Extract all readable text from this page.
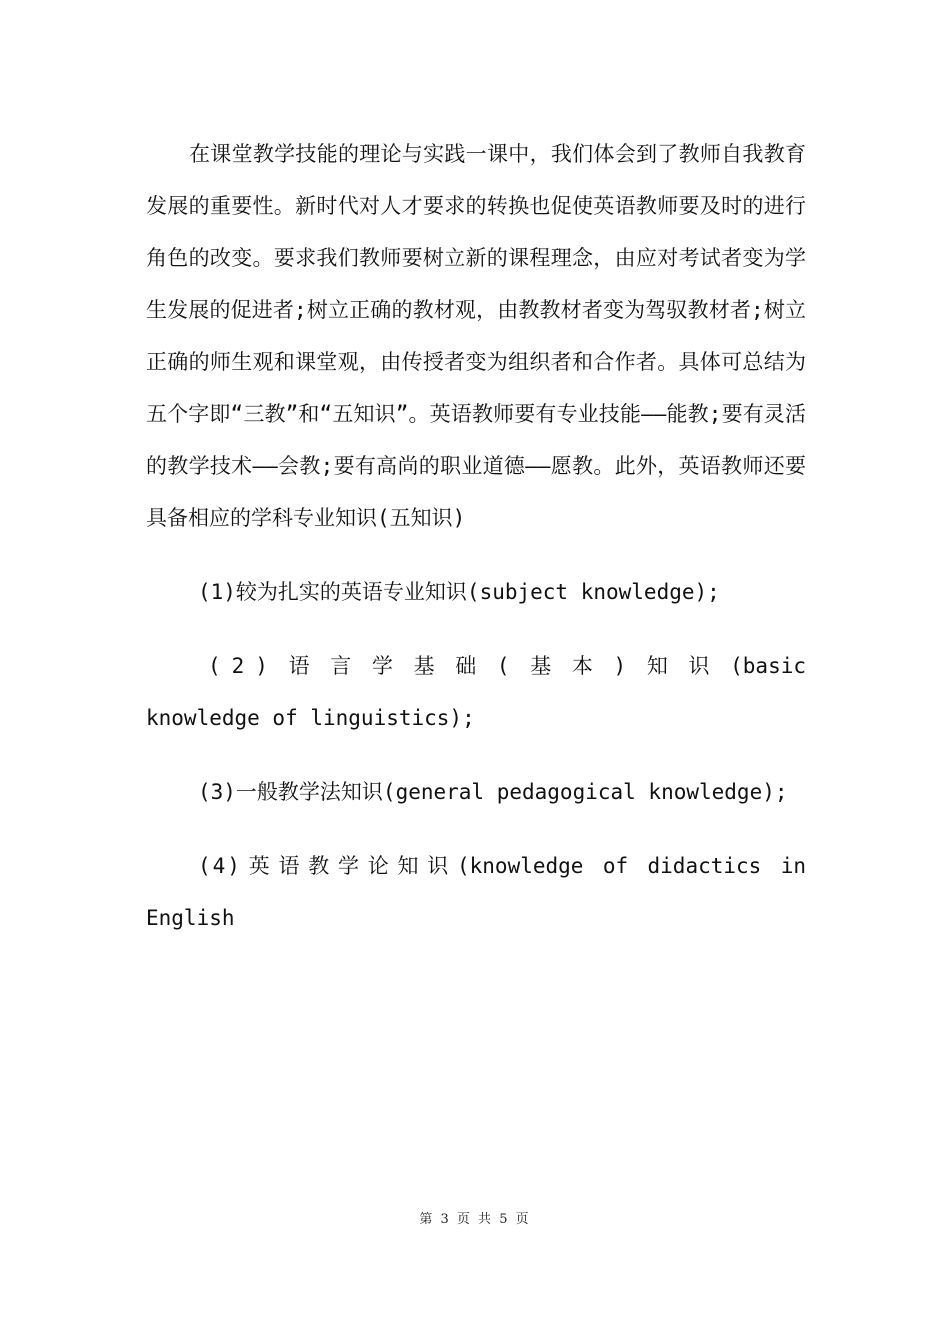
在课堂教学技能的理论与实践一课中，我们体会到了教师自我教育发展的重要性。新时代对人才要求的转换也促使英语教师要及时的进行角色的改变。要求我们教师要树立新的课程理念，由应对考试者变为学生发展的促进者;树立正确的教材观，由教教材者变为驾驭教材者;树立正确的师生观和课堂观，由传授者变为组织者和合作者。具体可总结为五个字即“三教”和“五知识”。英语教师要有专业技能——能教;要有灵活的教学技术——会教;要有高尚的职业道德——愿教。此外，英语教师还要具备相应的学科专业知识(五知识)

(1)较为扎实的英语专业知识(subject knowledge);

(2)语言学基础(基本)知识(basic knowledge of linguistics);

(3)一般教学法知识(general pedagogical knowledge);

(4)英语教学论知识(knowledge of didactics in English

第 3 页 共 5 页
